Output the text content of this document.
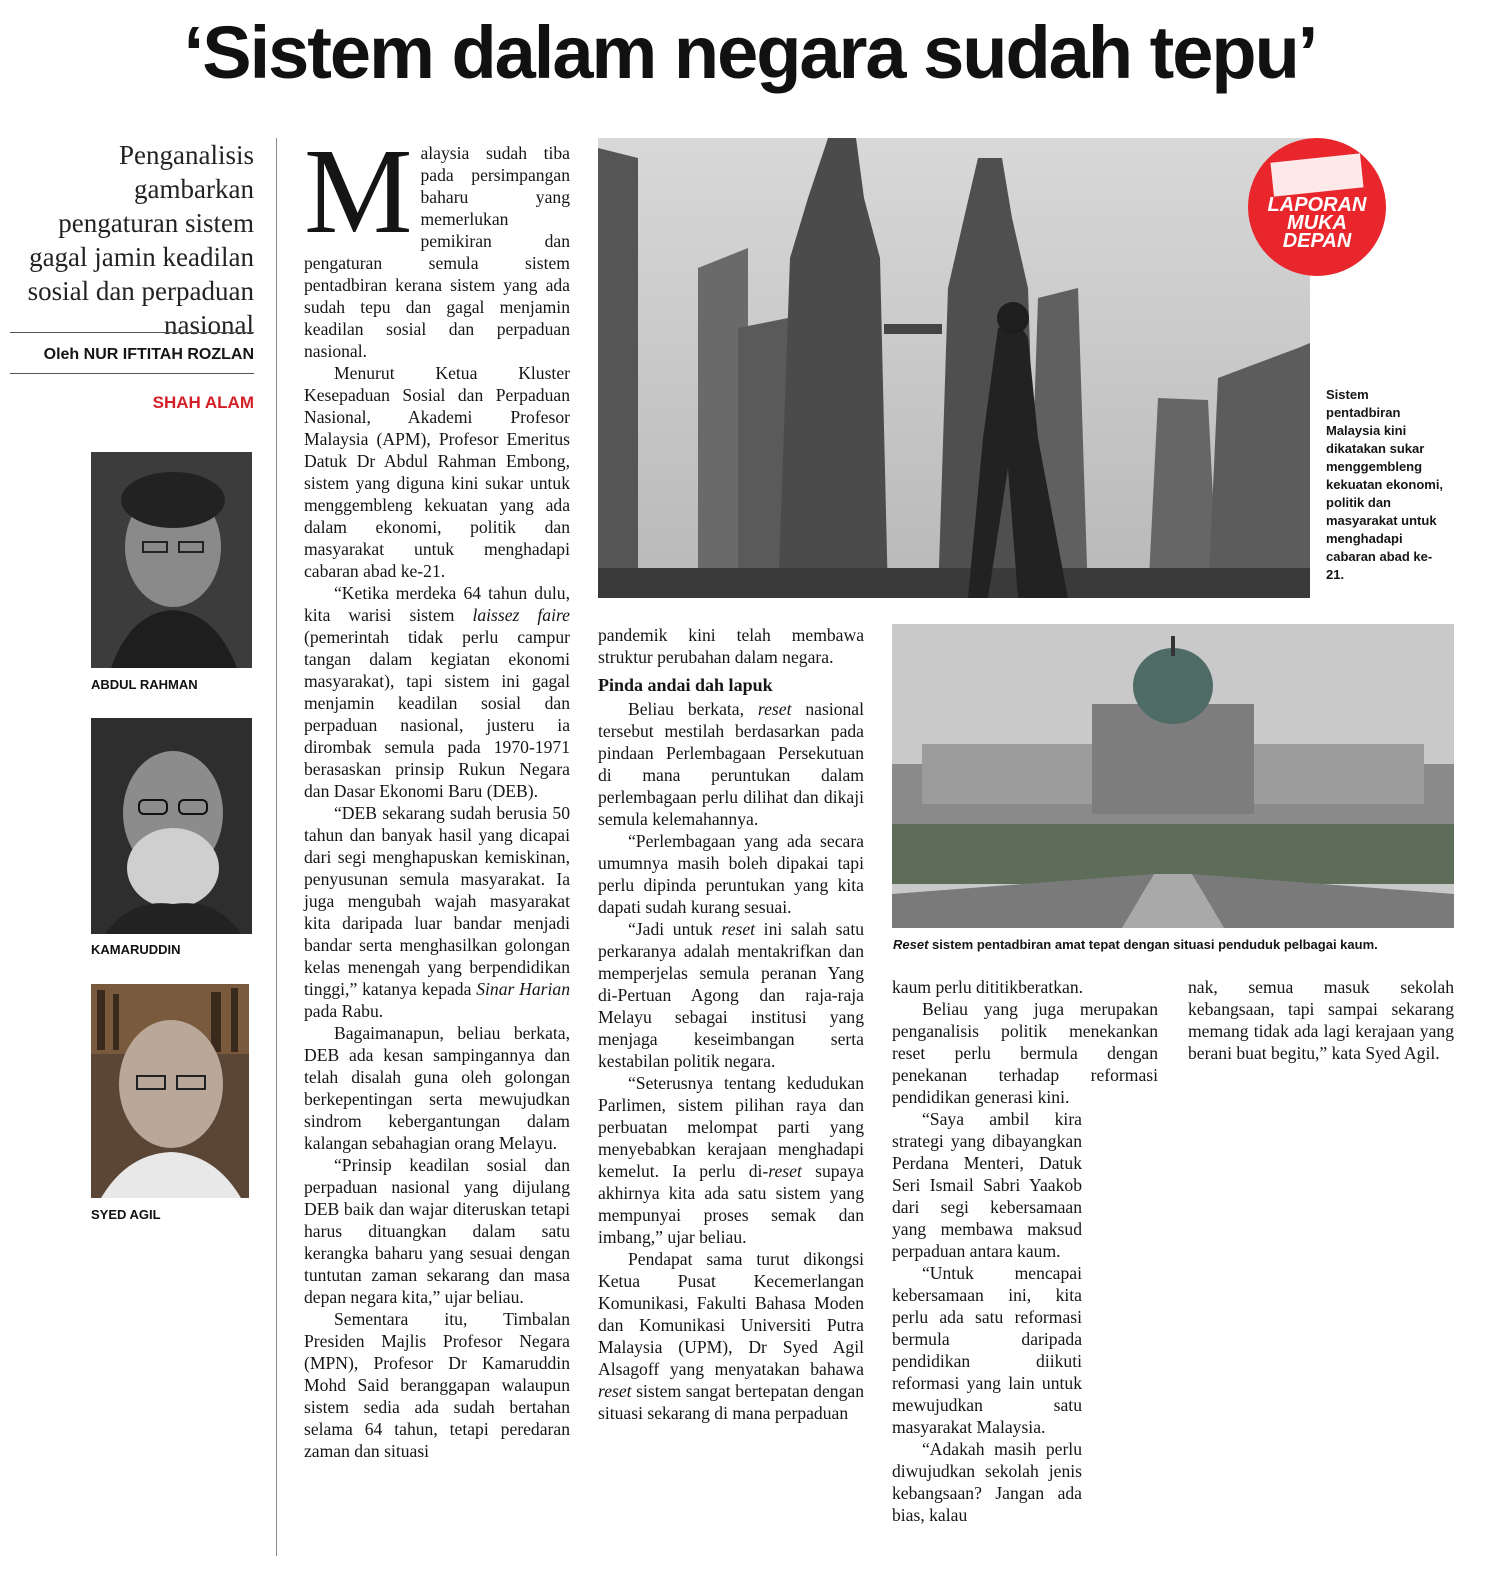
‘Sistem dalam negara sudah tepu’
Penganalisis gambarkan pengaturan sistem gagal jamin keadilan sosial dan perpaduan nasional
Oleh NUR IFTITAH ROZLAN
SHAH ALAM
ABDUL RAHMAN
KAMARUDDIN
SYED AGIL

Malaysia sudah tiba pada persimpangan baharu yang memerlukan pemikiran dan pengaturan semula sistem pentadbiran kerana sistem yang ada sudah tepu dan gagal menjamin keadilan sosial dan perpaduan nasional.

Menurut Ketua Kluster Kesepaduan Sosial dan Perpaduan Nasional, Akademi Profesor Malaysia (APM), Profesor Emeritus Datuk Dr Abdul Rahman Embong, sistem yang diguna kini sukar untuk menggembleng kekuatan yang ada dalam ekonomi, politik dan masyarakat untuk menghadapi cabaran abad ke-21.

“Ketika merdeka 64 tahun dulu, kita warisi sistem laissez faire (pemerintah tidak perlu campur tangan dalam kegiatan ekonomi masyarakat), tapi sistem ini gagal menjamin keadilan sosial dan perpaduan nasional, justeru ia dirombak semula pada 1970-1971 berasaskan prinsip Rukun Negara dan Dasar Ekonomi Baru (DEB).

“DEB sekarang sudah berusia 50 tahun dan banyak hasil yang dicapai dari segi menghapuskan kemiskinan, penyusunan semula masyarakat. Ia juga mengubah wajah masyarakat kita daripada luar bandar menjadi bandar serta menghasilkan golongan kelas menengah yang berpendidikan tinggi,” katanya kepada Sinar Harian pada Rabu.

Bagaimanapun, beliau berkata, DEB ada kesan sampingannya dan telah disalah guna oleh golongan berkepentingan serta mewujudkan sindrom kebergantungan dalam kalangan sebahagian orang Melayu.

“Prinsip keadilan sosial dan perpaduan nasional yang dijulang DEB baik dan wajar diteruskan tetapi harus dituangkan dalam satu kerangka baharu yang sesuai dengan tuntutan zaman sekarang dan masa depan negara kita,” ujar beliau.

Sementara itu, Timbalan Presiden Majlis Profesor Negara (MPN), Profesor Dr Kamaruddin Mohd Said beranggapan walaupun sistem sedia ada sudah bertahan selama 64 tahun, tetapi peredaran zaman dan situasi

LAPORAN
MUKA
DEPAN
Sistem pentadbiran Malaysia kini dikatakan sukar menggembleng kekuatan ekonomi, politik dan masyarakat untuk menghadapi cabaran abad ke-21.

pandemik kini telah membawa struktur perubahan dalam negara.

Pinda andai dah lapuk

Beliau berkata, reset nasional tersebut mestilah berdasarkan pada pindaan Perlembagaan Persekutuan di mana peruntukan dalam perlembagaan perlu dilihat dan dikaji semula kelemahannya.

“Perlembagaan yang ada secara umumnya masih boleh dipakai tapi perlu dipinda peruntukan yang kita dapati sudah kurang sesuai.

“Jadi untuk reset ini salah satu perkaranya adalah mentakrifkan dan memperjelas semula peranan Yang di-Pertuan Agong dan raja-raja Melayu sebagai institusi yang menjaga keseimbangan serta kestabilan politik negara.

“Seterusnya tentang kedudukan Parlimen, sistem pilihan raya dan perbuatan melompat parti yang menyebabkan kerajaan menghadapi kemelut. Ia perlu di-reset supaya akhirnya kita ada satu sistem yang mempunyai proses semak dan imbang,” ujar beliau.

Pendapat sama turut dikongsi Ketua Pusat Kecemerlangan Komunikasi, Fakulti Bahasa Moden dan Komunikasi Universiti Putra Malaysia (UPM), Dr Syed Agil Alsagoff yang menyatakan bahawa reset sistem sangat bertepatan dengan situasi sekarang di mana perpaduan

Reset sistem pentadbiran amat tepat dengan situasi penduduk pelbagai kaum.

kaum perlu dititikberatkan.

Beliau yang juga merupakan penganalisis politik menekankan reset perlu bermula dengan penekanan terhadap reformasi pendidikan generasi kini.

“Saya ambil kira strategi yang dibayangkan Perdana Menteri, Datuk Seri Ismail Sabri Yaakob dari segi kebersamaan yang membawa maksud perpaduan antara kaum.

“Untuk mencapai kebersamaan ini, kita perlu ada satu reformasi bermula daripada pendidikan diikuti reformasi yang lain untuk mewujudkan satu masyarakat Malaysia.

“Adakah masih perlu diwujudkan sekolah jenis kebangsaan? Jangan ada bias, kalau

nak, semua masuk sekolah kebangsaan, tapi sampai sekarang memang tidak ada lagi kerajaan yang berani buat begitu,” kata Syed Agil.
